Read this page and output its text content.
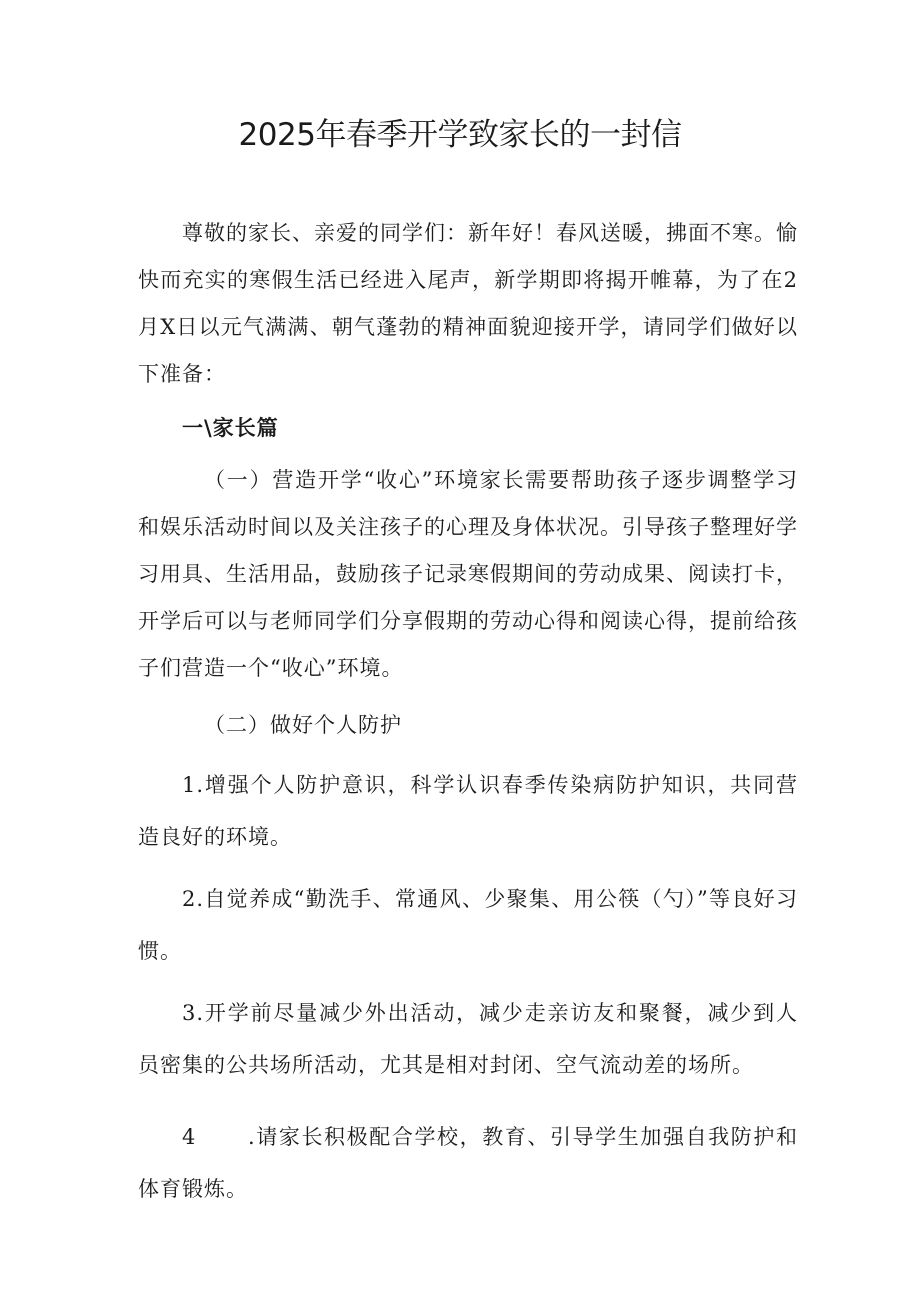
2025年春季开学致家长的一封信

尊敬的家长、亲爱的同学们：新年好！春风送暖，拂面不寒。愉快而充实的寒假生活已经进入尾声，新学期即将揭开帷幕，为了在2月X日以元气满满、朝气蓬勃的精神面貌迎接开学，请同学们做好以下准备：

一\家长篇

（一）营造开学“收心”环境家长需要帮助孩子逐步调整学习和娱乐活动时间以及关注孩子的心理及身体状况。引导孩子整理好学习用具、生活用品，鼓励孩子记录寒假期间的劳动成果、阅读打卡，开学后可以与老师同学们分享假期的劳动心得和阅读心得，提前给孩子们营造一个“收心”环境。

（二）做好个人防护

1.增强个人防护意识，科学认识春季传染病防护知识，共同营造良好的环境。

2.自觉养成“勤洗手、常通风、少聚集、用公筷（勺）”等良好习惯。

3.开学前尽量减少外出活动，减少走亲访友和聚餐，减少到人员密集的公共场所活动，尤其是相对封闭、空气流动差的场所。

4 .请家长积极配合学校，教育、引导学生加强自我防护和体育锻炼。
